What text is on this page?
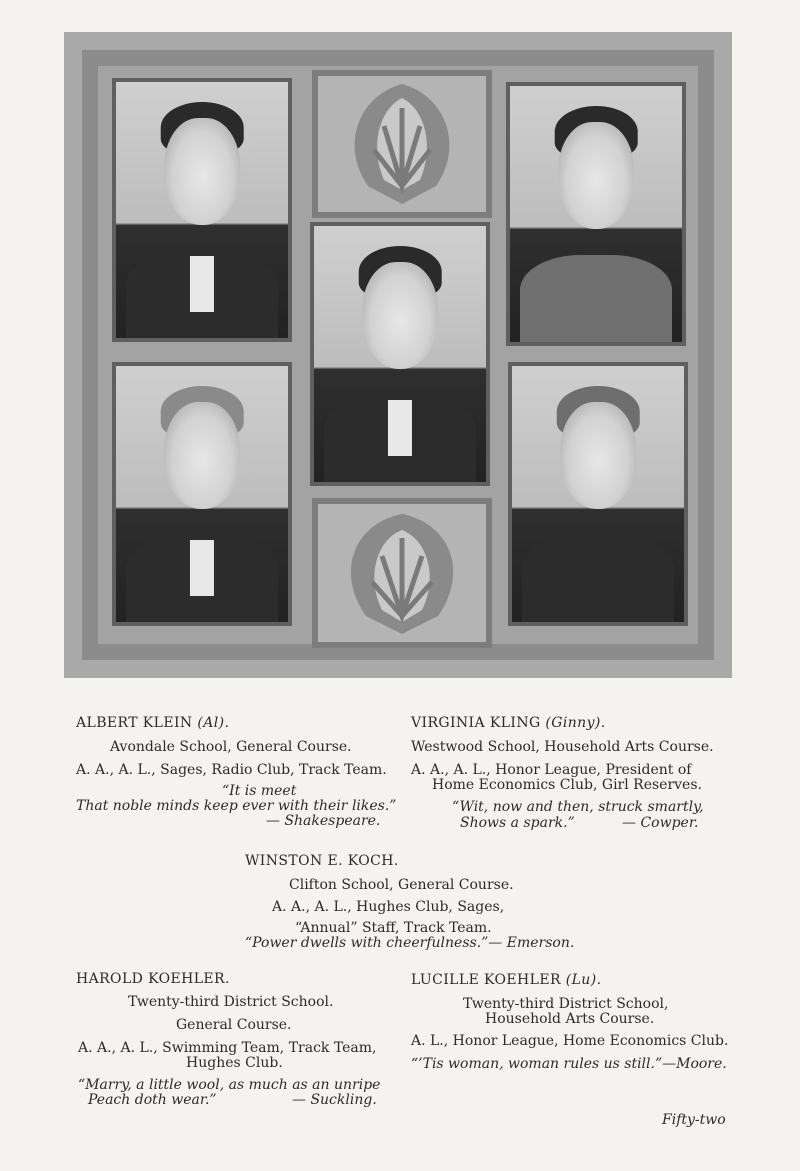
ALBERT KLEIN (Al).
Avondale School, General Course.
A. A., A. L., Sages, Radio Club, Track Team.
“It is meet
That noble minds keep ever with their likes.”
— Shakespeare.
VIRGINIA KLING (Ginny).
Westwood School, Household Arts Course.
A. A., A. L., Honor League, President of
Home Economics Club, Girl Reserves.
“Wit, now and then, struck smartly,
Shows a spark.”	— Cowper.
WINSTON E. KOCH.
Clifton School, General Course.
A. A., A. L., Hughes Club, Sages,
“Annual” Staff, Track Team.
“Power dwells with cheerfulness.”— Emerson.
HAROLD KOEHLER.
Twenty-third District School.
General Course.
A. A., A. L., Swimming Team, Track Team,
Hughes Club.
“Marry, a little wool, as much as an unripe
Peach doth wear.”	— Suckling.
LUCILLE KOEHLER (Lu).
Twenty-third District School,
Household Arts Course.
A. L., Honor League, Home Economics Club.
“’Tis woman, woman rules us still.”—Moore.
Fifty-two
